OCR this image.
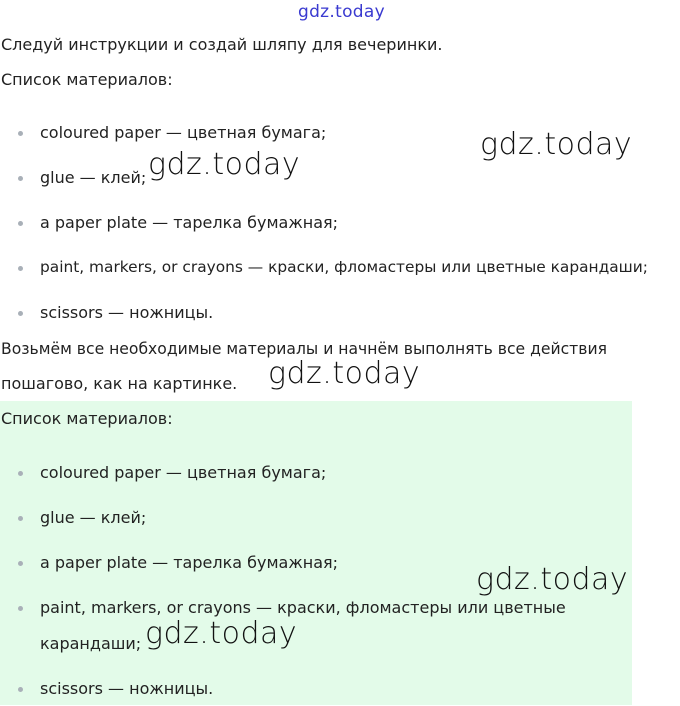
gdz.today
Следуй инструкции и создай шляпу для вечеринки.
Список материалов:
coloured paper — цветная бумага;
glue — клей;
a paper plate — тарелка бумажная;
paint, markers, or crayons — краски, фломастеры или цветные карандаши;
scissors — ножницы.
Возьмём все необходимые материалы и начнём выполнять все действия
пошагово, как на картинке.
Список материалов:
coloured paper — цветная бумага;
glue — клей;
a paper plate — тарелка бумажная;
paint, markers, or crayons — краски, фломастеры или цветные
карандаши;
scissors — ножницы.
gdz.today
gdz.today
gdz.today
gdz.today
gdz.today
